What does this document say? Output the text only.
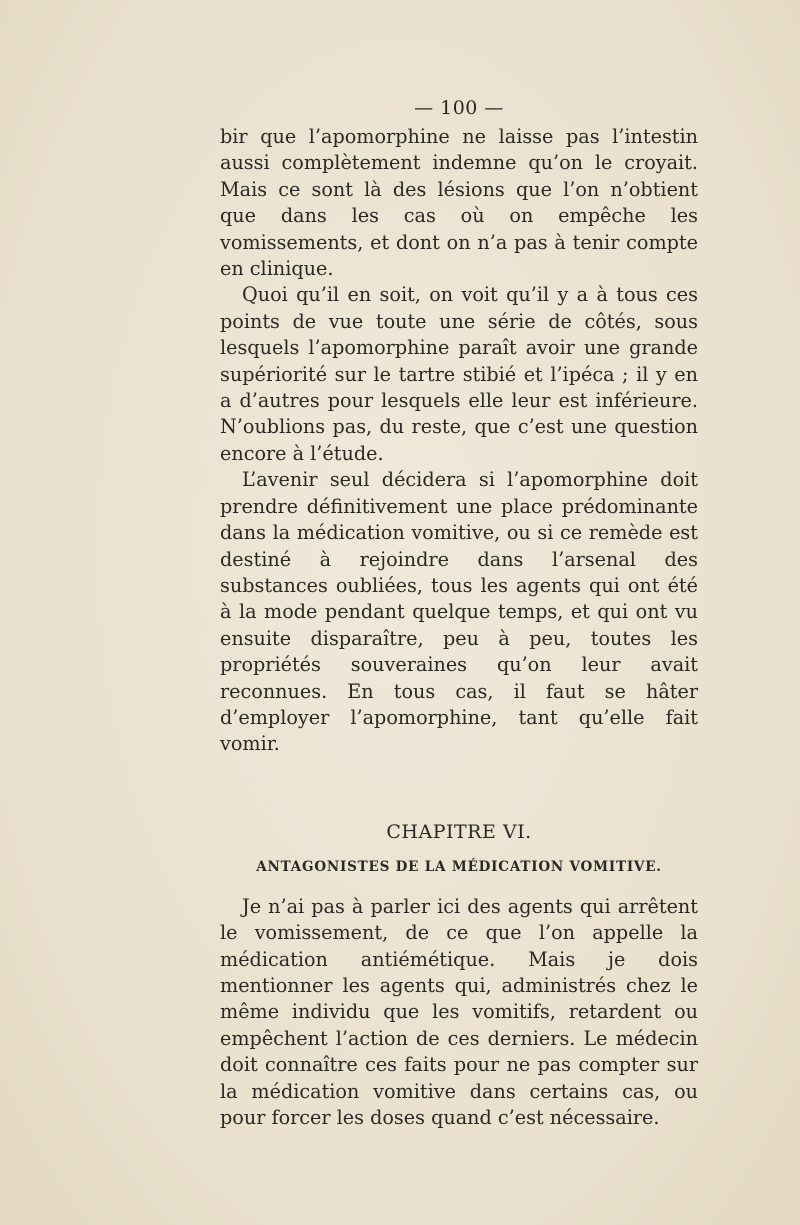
— 100 —

bir que l’apomorphine ne laisse pas l’intestin aussi complètement indemne qu’on le croyait. Mais ce sont là des lésions que l’on n’obtient que dans les cas où on empêche les vomissements, et dont on n’a pas à tenir compte en clinique.

Quoi qu’il en soit, on voit qu’il y a à tous ces points de vue toute une série de côtés, sous lesquels l’apomorphine paraît avoir une grande supériorité sur le tartre stibié et l’ipéca ; il y en a d’autres pour lesquels elle leur est inférieure. N’oublions pas, du reste, que c’est une question encore à l’étude.

L’avenir seul décidera si l’apomorphine doit prendre définitivement une place prédominante dans la médication vomitive, ou si ce remède est destiné à rejoindre dans l’arsenal des substances oubliées, tous les agents qui ont été à la mode pendant quelque temps, et qui ont vu ensuite disparaître, peu à peu, toutes les propriétés souveraines qu’on leur avait reconnues. En tous cas, il faut se hâter d’employer l’apomorphine, tant qu’elle fait vomir.

CHAPITRE VI.
ANTAGONISTES DE LA MÉDICATION VOMITIVE.

Je n’ai pas à parler ici des agents qui arrêtent le vomissement, de ce que l’on appelle la médication antiémétique. Mais je dois mentionner les agents qui, administrés chez le même individu que les vomitifs, retardent ou empêchent l’action de ces derniers. Le médecin doit connaître ces faits pour ne pas compter sur la médication vomitive dans certains cas, ou pour forcer les doses quand c’est nécessaire.
